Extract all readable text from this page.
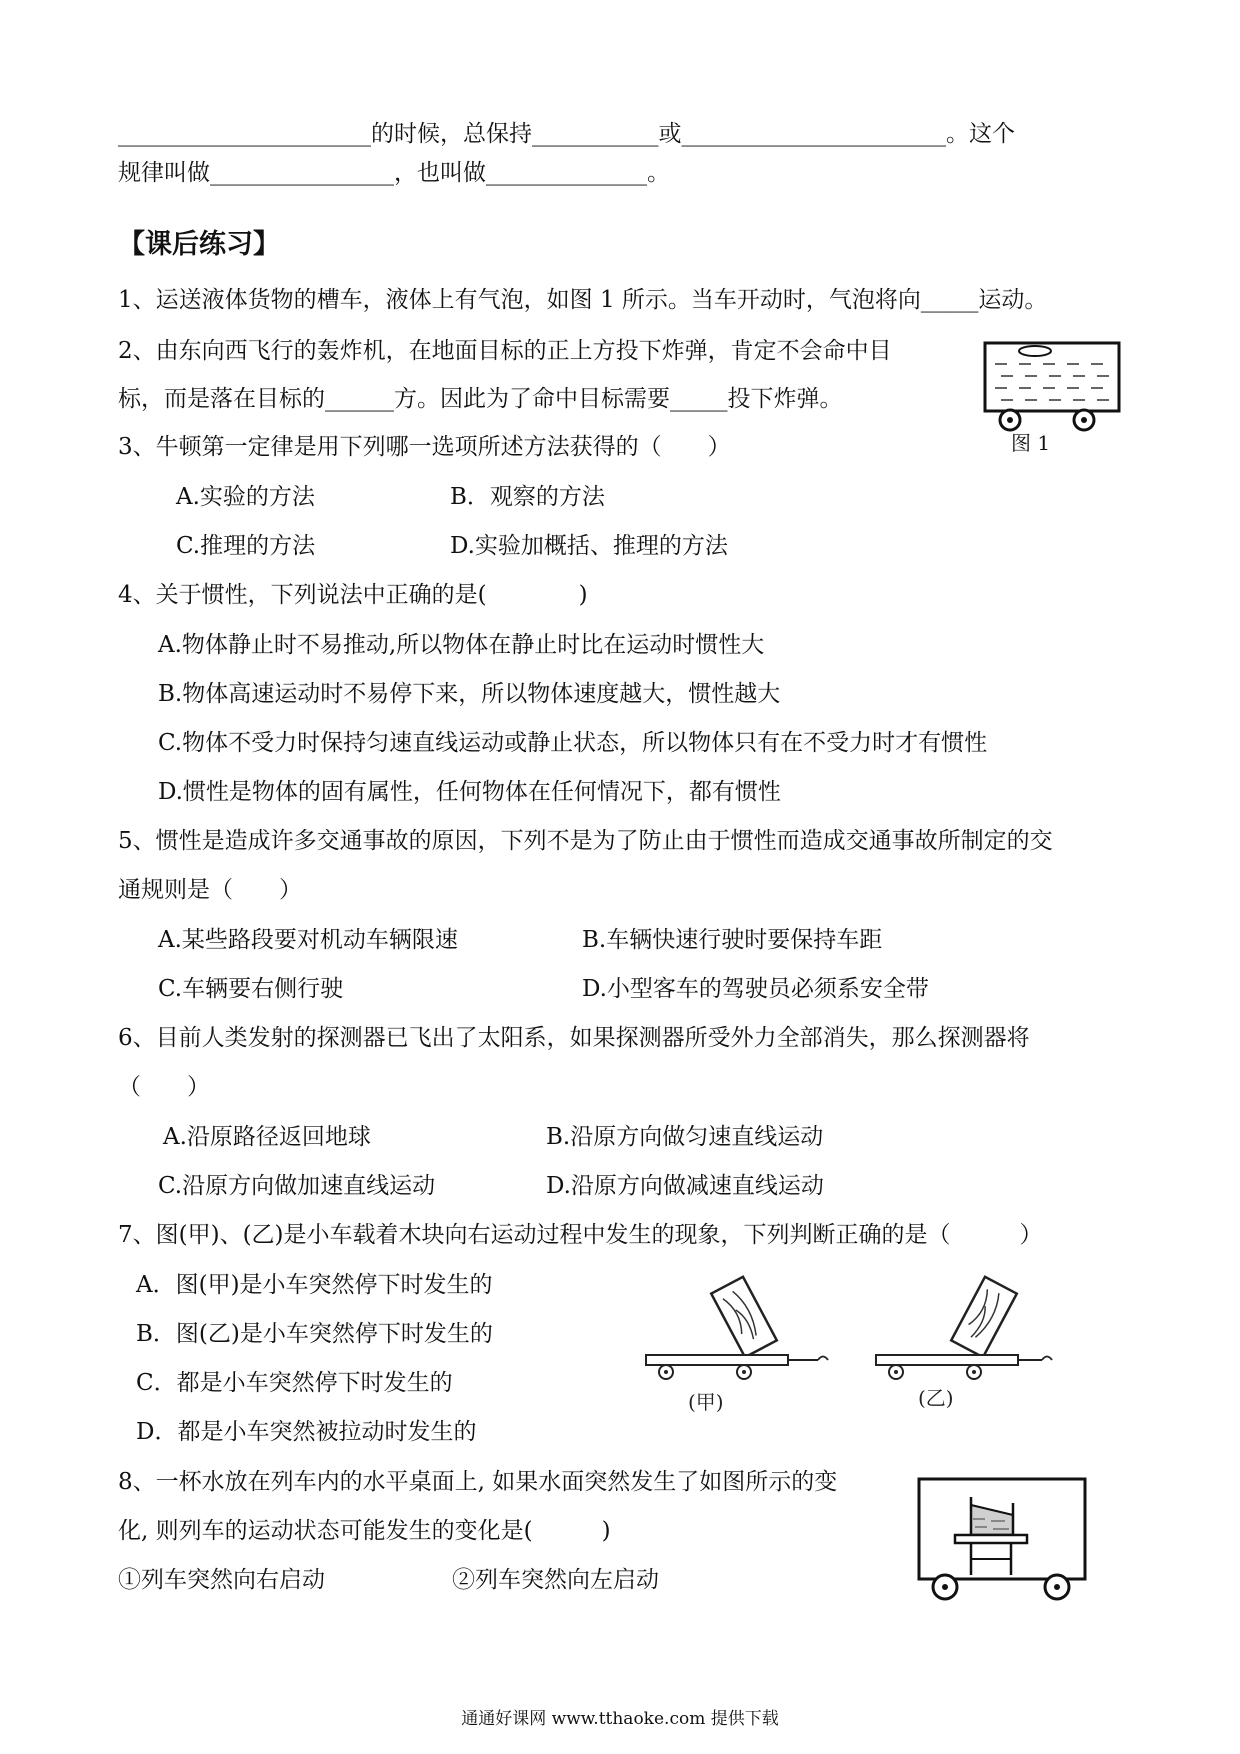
______________________的时候，总保持___________或_______________________。这个
规律叫做________________，也叫做______________。
【课后练习】
1、运送液体货物的槽车，液体上有气泡，如图 1 所示。当车开动时，气泡将向_____运动。
2、由东向西飞行的轰炸机，在地面目标的正上方投下炸弹，肯定不会命中目
标，而是落在目标的______方。因此为了命中目标需要_____投下炸弹。
图 1
3、牛顿第一定律是用下列哪一选项所述方法获得的（　　）
A.实验的方法	B．观察的方法
C.推理的方法	D.实验加概括、推理的方法
4、关于惯性，下列说法中正确的是(　　　　)
A.物体静止时不易推动,所以物体在静止时比在运动时惯性大
B.物体高速运动时不易停下来，所以物体速度越大，惯性越大
C.物体不受力时保持匀速直线运动或静止状态，所以物体只有在不受力时才有惯性
D.惯性是物体的固有属性，任何物体在任何情况下，都有惯性
5、惯性是造成许多交通事故的原因，下列不是为了防止由于惯性而造成交通事故所制定的交
通规则是（　　）
A.某些路段要对机动车辆限速	B.车辆快速行驶时要保持车距
C.车辆要右侧行驶	D.小型客车的驾驶员必须系安全带
6、目前人类发射的探测器已飞出了太阳系，如果探测器所受外力全部消失，那么探测器将
（　　）
A.沿原路径返回地球	B.沿原方向做匀速直线运动
C.沿原方向做加速直线运动	D.沿原方向做减速直线运动
7、图(甲)、(乙)是小车载着木块向右运动过程中发生的现象，下列判断正确的是（　　　）
A．图(甲)是小车突然停下时发生的
B．图(乙)是小车突然停下时发生的
C．都是小车突然停下时发生的
D．都是小车突然被拉动时发生的
(甲)	(乙)
8、一杯水放在列车内的水平桌面上, 如果水面突然发生了如图所示的变
化, 则列车的运动状态可能发生的变化是(　　　)
①列车突然向右启动	②列车突然向左启动
通通好课网 www.tthaoke.com 提供下载
